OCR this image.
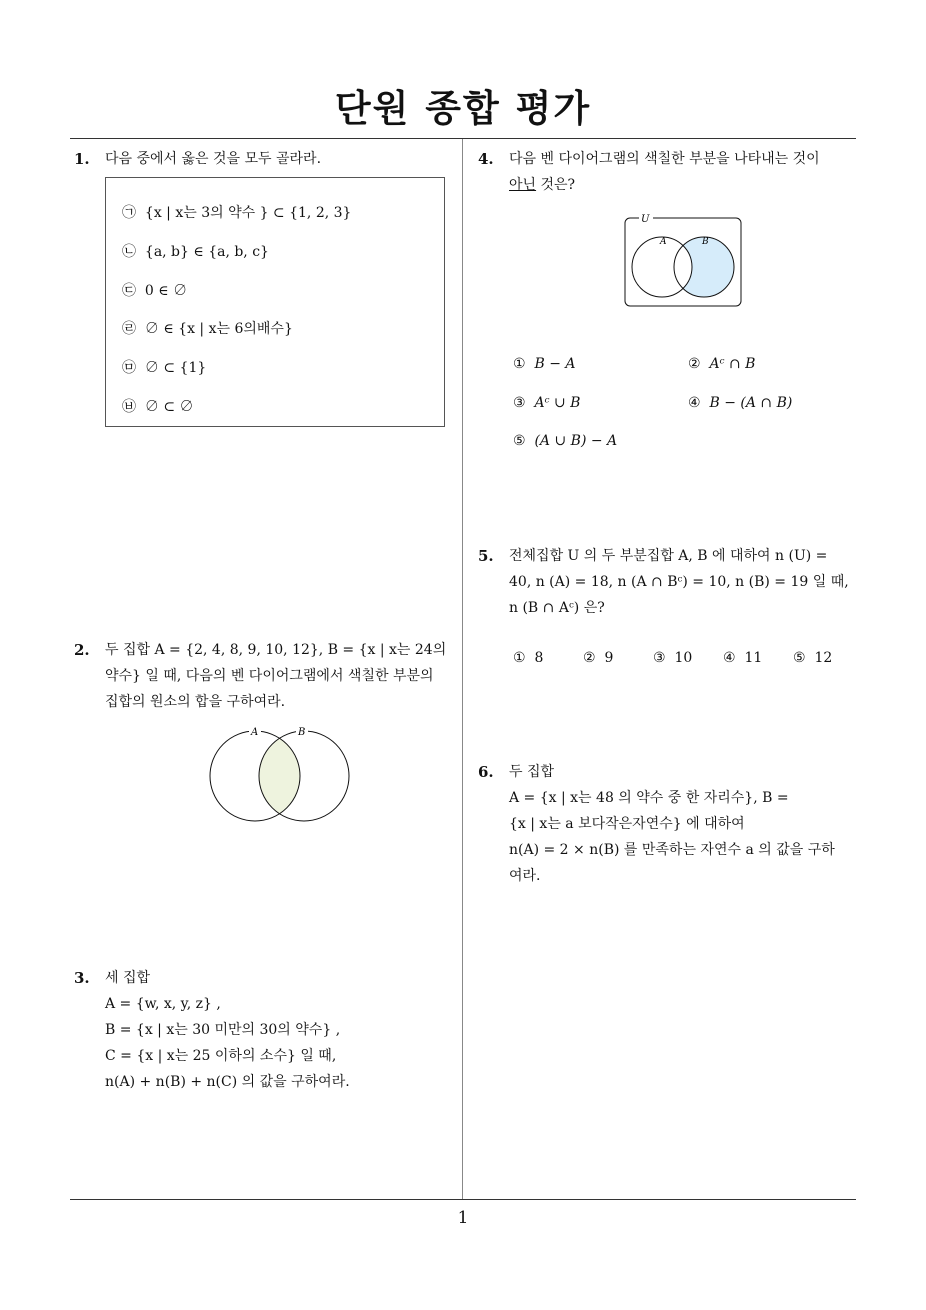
단원 종합 평가
1. 다음 중에서 옳은 것을 모두 골라라.
㉠ {x | x는 3의 약수 } ⊂ {1, 2, 3}
㉡ {a, b} ∈ {a, b, c}
㉢ 0 ∈ ∅
㉣ ∅ ∈ {x | x는 6의배수}
㉤ ∅ ⊂ {1}
㉥ ∅ ⊂ ∅
2. 두 집합 A = {2, 4, 8, 9, 10, 12}, B = {x | x는 24의
약수} 일 때, 다음의 벤 다이어그램에서 색칠한 부분의
집합의 원소의 합을 구하여라.
A	B
3. 세 집합
A = {w, x, y, z} ,
B = {x | x는 30 미만의 30의 약수} ,
C = {x | x는 25 이하의 소수} 일 때,
n(A) + n(B) + n(C) 의 값을 구하여라.
4. 다음 벤 다이어그램의 색칠한 부분을 나타내는 것이
아닌 것은?
U
A	B
① B − A	② Aᶜ ∩ B
③ Aᶜ ∪ B	④ B − (A ∩ B)
⑤ (A ∪ B) − A
5. 전체집합 U 의 두 부분집합 A, B 에 대하여 n (U) =
40, n (A) = 18, n (A ∩ Bᶜ) = 10, n (B) = 19 일 때,
n (B ∩ Aᶜ) 은?
① 8	② 9	③ 10 ④ 11 ⑤ 12
6. 두 집합
A = {x | x는 48 의 약수 중 한 자리수}, B =
{x | x는 a 보다작은자연수} 에 대하여
n(A) = 2 × n(B) 를 만족하는 자연수 a 의 값을 구하
여라.
1
